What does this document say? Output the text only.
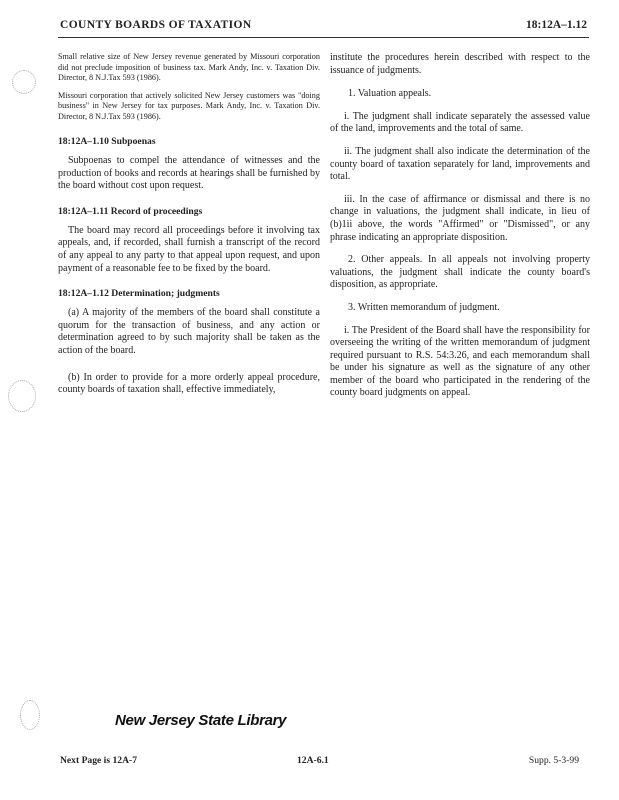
COUNTY BOARDS OF TAXATION	18:12A–1.12

Small relative size of New Jersey revenue generated by Missouri corporation did not preclude imposition of business tax. Mark Andy, Inc. v. Taxation Div. Director, 8 N.J.Tax 593 (1986).

Missouri corporation that actively solicited New Jersey customers was "doing business" in New Jersey for tax purposes. Mark Andy, Inc. v. Taxation Div. Director, 8 N.J.Tax 593 (1986).

18:12A–1.10 Subpoenas

Subpoenas to compel the attendance of witnesses and the production of books and records at hearings shall be furnished by the board without cost upon request.

18:12A–1.11 Record of proceedings

The board may record all proceedings before it involving tax appeals, and, if recorded, shall furnish a transcript of the record of any appeal to any party to that appeal upon request, and upon payment of a reasonable fee to be fixed by the board.

18:12A–1.12 Determination; judgments

(a) A majority of the members of the board shall constitute a quorum for the transaction of business, and any action or determination agreed to by such majority shall be taken as the action of the board.

(b) In order to provide for a more orderly appeal procedure, county boards of taxation shall, effective immediately,

institute the procedures herein described with respect to the issuance of judgments.

1. Valuation appeals.

i. The judgment shall indicate separately the assessed value of the land, improvements and the total of same.

ii. The judgment shall also indicate the determination of the county board of taxation separately for land, improvements and total.

iii. In the case of affirmance or dismissal and there is no change in valuations, the judgment shall indicate, in lieu of (b)1ii above, the words "Affirmed" or "Dismissed", or any phrase indicating an appropriate disposition.

2. Other appeals. In all appeals not involving property valuations, the judgment shall indicate the county board's disposition, as appropriate.

3. Written memorandum of judgment.

i. The President of the Board shall have the responsibility for overseeing the writing of the written memorandum of judgment required pursuant to R.S. 54:3.26, and each memorandum shall be under his signature as well as the signature of any other member of the board who participated in the rendering of the county board judgments on appeal.

New Jersey State Library
Next Page is 12A-7	12A-6.1	Supp. 5-3-99
